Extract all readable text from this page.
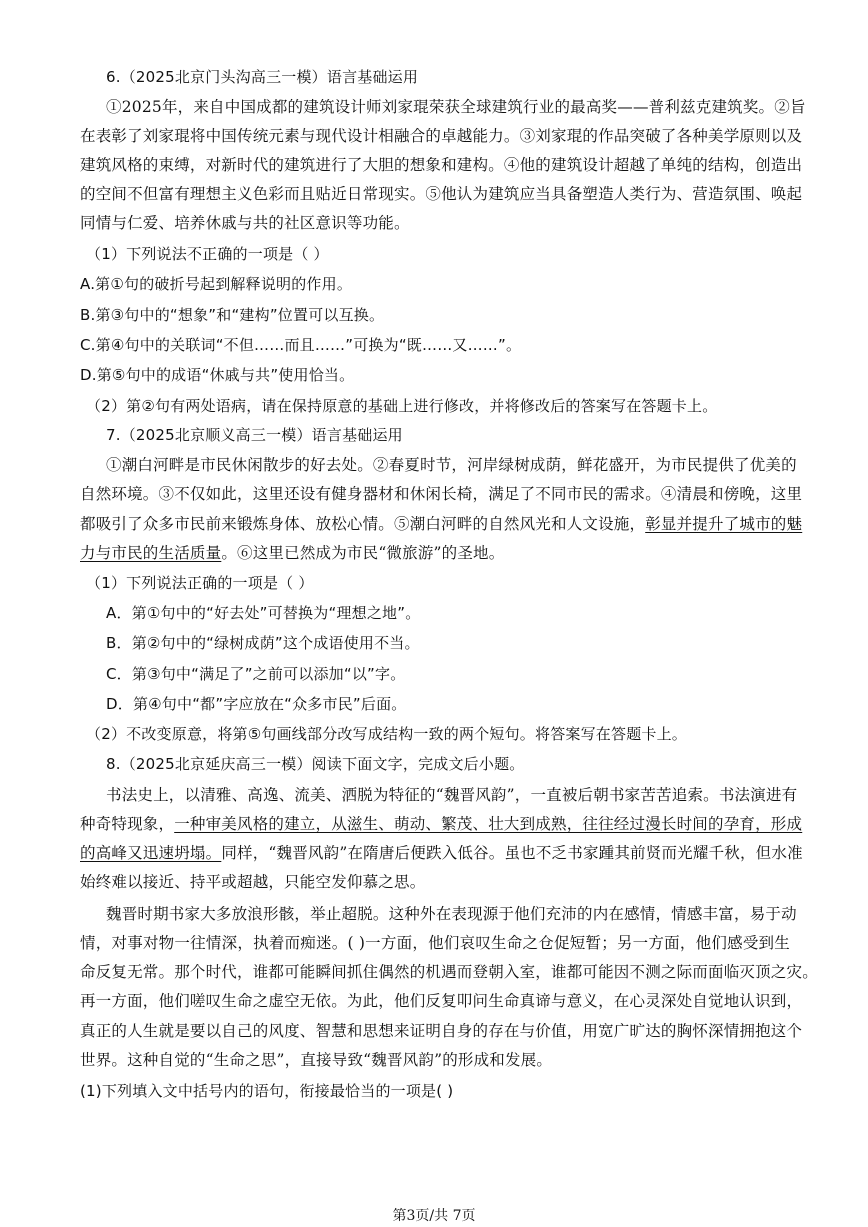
6.（2025北京门头沟高三一模）语言基础运用
①2025年，来自中国成都的建筑设计师刘家琨荣获全球建筑行业的最高奖——普利兹克建筑奖。②旨
在表彰了刘家琨将中国传统元素与现代设计相融合的卓越能力。③刘家琨的作品突破了各种美学原则以及
建筑风格的束缚，对新时代的建筑进行了大胆的想象和建构。④他的建筑设计超越了单纯的结构，创造出
的空间不但富有理想主义色彩而且贴近日常现实。⑤他认为建筑应当具备塑造人类行为、营造氛围、唤起
同情与仁爱、培养休戚与共的社区意识等功能。
（1）下列说法不正确的一项是（ ）
A.第①句的破折号起到解释说明的作用。
B.第③句中的“想象”和“建构”位置可以互换。
C.第④句中的关联词“不但……而且……”可换为“既……又……”。
D.第⑤句中的成语“休戚与共”使用恰当。
（2）第②句有两处语病，请在保持原意的基础上进行修改，并将修改后的答案写在答题卡上。
7.（2025北京顺义高三一模）语言基础运用
①潮白河畔是市民休闲散步的好去处。②春夏时节，河岸绿树成荫，鲜花盛开，为市民提供了优美的
自然环境。③不仅如此，这里还设有健身器材和休闲长椅，满足了不同市民的需求。④清晨和傍晚，这里
都吸引了众多市民前来锻炼身体、放松心情。⑤潮白河畔的自然风光和人文设施，彰显并提升了城市的魅
力与市民的生活质量。⑥这里已然成为市民“微旅游”的圣地。
（1）下列说法正确的一项是（ ）
A．第①句中的“好去处”可替换为“理想之地”。
B．第②句中的“绿树成荫”这个成语使用不当。
C．第③句中“满足了”之前可以添加“以”字。
D．第④句中“都”字应放在“众多市民”后面。
（2）不改变原意，将第⑤句画线部分改写成结构一致的两个短句。将答案写在答题卡上。
8.（2025北京延庆高三一模）阅读下面文字，完成文后小题。
书法史上，以清雅、高逸、流美、洒脱为特征的“魏晋风韵”，一直被后朝书家苦苦追索。书法演进有
种奇特现象，一种审美风格的建立，从滋生、萌动、繁茂、壮大到成熟，往往经过漫长时间的孕育，形成
的高峰又迅速坍塌。同样，“魏晋风韵”在隋唐后便跌入低谷。虽也不乏书家踵其前贤而光耀千秋，但水准
始终难以接近、持平或超越，只能空发仰慕之思。
魏晋时期书家大多放浪形骸，举止超脱。这种外在表现源于他们充沛的内在感情，情感丰富，易于动
情，对事对物一往情深，执着而痴迷。( )一方面，他们哀叹生命之仓促短暂；另一方面，他们感受到生
命反复无常。那个时代，谁都可能瞬间抓住偶然的机遇而登朝入室，谁都可能因不测之际而面临灭顶之灾。
再一方面，他们嗟叹生命之虚空无依。为此，他们反复叩问生命真谛与意义，在心灵深处自觉地认识到，
真正的人生就是要以自己的风度、智慧和思想来证明自身的存在与价值，用宽广旷达的胸怀深情拥抱这个
世界。这种自觉的“生命之思”，直接导致“魏晋风韵”的形成和发展。
(1)下列填入文中括号内的语句，衔接最恰当的一项是( )
第3页/共 7页
